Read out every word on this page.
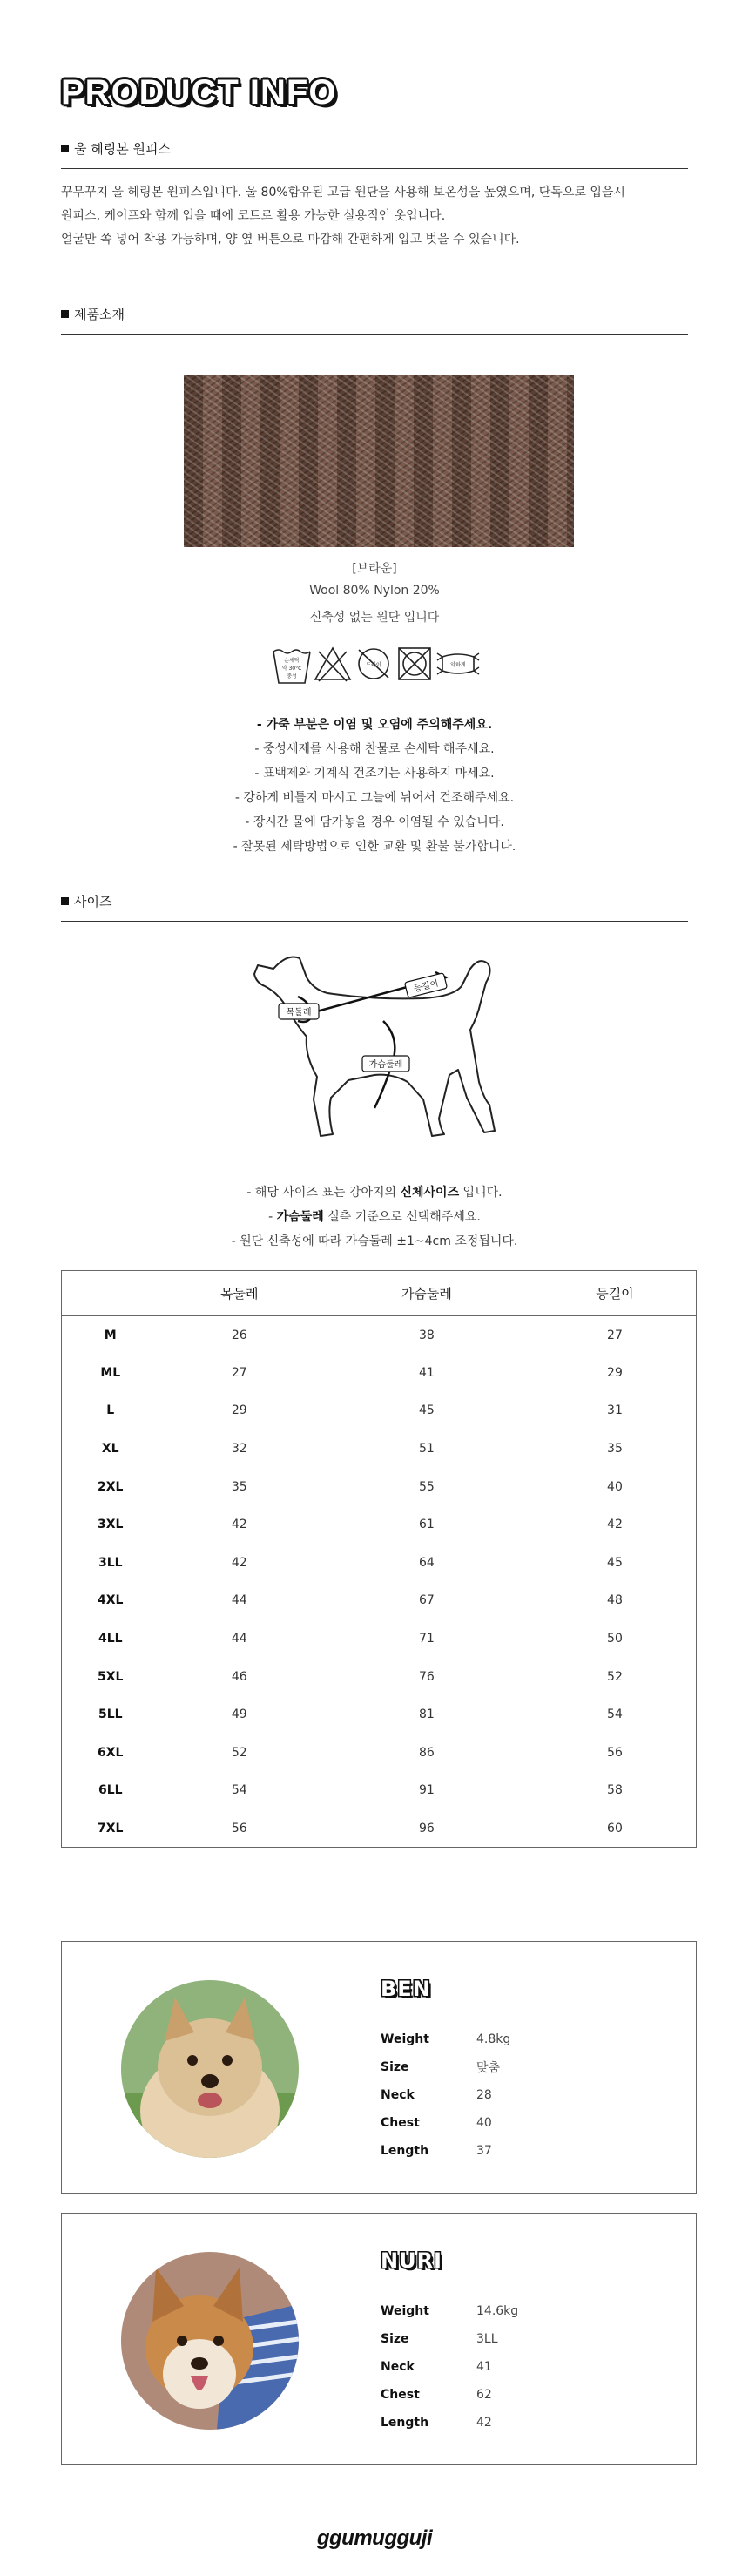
PRODUCT INFO
울 헤링본 원피스
꾸무꾸지 울 헤링본 원피스입니다. 울 80%함유된 고급 원단을 사용해 보온성을 높였으며, 단독으로 입을시
원피스, 케이프와 함께 입을 때에 코트로 활용 가능한 실용적인 옷입니다.
얼굴만 쏙 넣어 착용 가능하며, 양 옆 버튼으로 마감해 간편하게 입고 벗을 수 있습니다.
제품소재
[브라운]
Wool 80% Nylon 20%
신축성 없는 원단 입니다
손세탁
약 30°C
중성
드라이	약하게
- 가죽 부분은 이염 및 오염에 주의해주세요.
- 중성세제를 사용해 찬물로 손세탁 해주세요.
- 표백제와 기계식 건조기는 사용하지 마세요.
- 강하게 비틀지 마시고 그늘에 뉘어서 건조해주세요.
- 장시간 물에 담가놓을 경우 이염될 수 있습니다.
- 잘못된 세탁방법으로 인한 교환 및 환불 불가합니다.
사이즈
목둘레
등길이
가슴둘레
- 해당 사이즈 표는 강아지의 신체사이즈 입니다.
- 가슴둘레 실측 기준으로 선택해주세요.
- 원단 신축성에 따라 가슴둘레 ±1~4cm 조정됩니다.
	목둘레	가슴둘레	등길이
M	26	38	27
ML	27	41	29
L	29	45	31
XL	32	51	35
2XL	35	55	40
3XL	42	61	42
3LL	42	64	45
4XL	44	67	48
4LL	44	71	50
5XL	46	76	52
5LL	49	81	54
6XL	52	86	56
6LL	54	91	58
7XL	56	96	60
BEN
Weight	4.8kg
Size	맞춤
Neck	28
Chest	40
Length	37
NURI
Weight	14.6kg
Size	3LL
Neck	41
Chest	62
Length	42
ggumugguji
